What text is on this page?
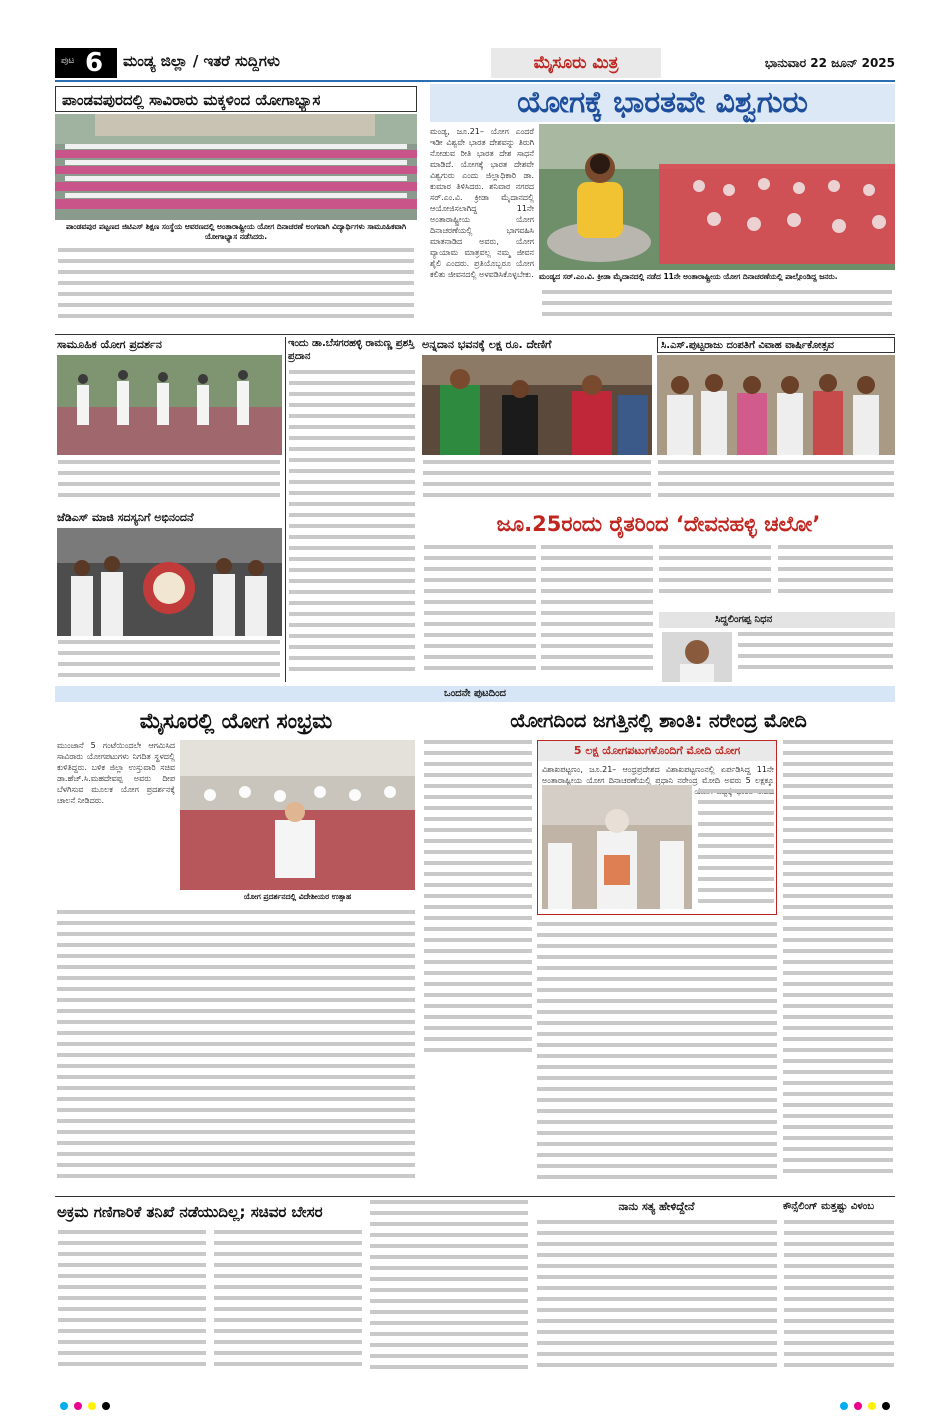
ಪುಟ 6 ಮಂಡ್ಯ ಜಿಲ್ಲಾ / ಇತರೆ ಸುದ್ದಿಗಳು	ಮೈಸೂರು ಮಿತ್ರ	ಭಾನುವಾರ 22 ಜೂನ್ 2025
ಪಾಂಡವಪುರದಲ್ಲಿ ಸಾವಿರಾರು ಮಕ್ಕಳಿಂದ ಯೋಗಾಭ್ಯಾಸ
ಪಾಂಡವಪುರ ಪಟ್ಟಣದ ಜಿಟಿಎಸ್ ಶಿಕ್ಷಣ ಸಂಸ್ಥೆಯ ಆವರಣದಲ್ಲಿ ಅಂತಾರಾಷ್ಟ್ರೀಯ ಯೋಗ ದಿನಾಚರಣೆ ಅಂಗವಾಗಿ ವಿದ್ಯಾರ್ಥಿಗಳು ಸಾಮೂಹಿಕವಾಗಿ ಯೋಗಾಭ್ಯಾಸ ನಡೆಸಿದರು.
ಯೋಗಕ್ಕೆ ಭಾರತವೇ ವಿಶ್ವಗುರು
ಮಂಡ್ಯ, ಜೂ.21– ಯೋಗ ಎಂದರೆ ಇಡೀ ವಿಶ್ವವೇ ಭಾರತ ದೇಶವನ್ನು ತಿರುಗಿ ನೋಡುವ ರೀತಿ ಭಾರತ ದೇಶ ಸಾಧನೆ ಮಾಡಿದೆ. ಯೋಗಕ್ಕೆ ಭಾರತ ದೇಶವೇ ವಿಶ್ವಗುರು ಎಂದು ಜಿಲ್ಲಾಧಿಕಾರಿ ಡಾ. ಕುಮಾರ ತಿಳಿಸಿದರು. ಶನಿವಾರ ನಗರದ ಸರ್.ಎಂ.ವಿ. ಕ್ರೀಡಾ ಮೈದಾನದಲ್ಲಿ ಆಯೋಜಿಸಲಾಗಿದ್ದ 11ನೇ ಅಂತಾರಾಷ್ಟ್ರೀಯ ಯೋಗ ದಿನಾಚರಣೆಯಲ್ಲಿ ಭಾಗವಹಿಸಿ ಮಾತನಾಡಿದ ಅವರು, ಯೋಗ ವ್ಯಾಯಾಮ ಮಾತ್ರವಲ್ಲ ನಮ್ಮ ಜೀವನ ಶೈಲಿ ಎಂದರು. ಪ್ರತಿಯೊಬ್ಬರೂ ಯೋಗ ಕಲಿತು ಜೀವನದಲ್ಲಿ ಅಳವಡಿಸಿಕೊಳ್ಳಬೇಕು. ಮಂಡ್ಯದ ಸರ್.ಎಂ.ವಿ. ಕ್ರೀಡಾ ಮೈದಾನದಲ್ಲಿ ನಡೆದ 11ನೇ ಅಂತಾರಾಷ್ಟ್ರೀಯ ಯೋಗ ದಿನಾಚರಣೆಯಲ್ಲಿ ಪಾಲ್ಗೊಂಡಿದ್ದ ಜನರು.
ಸಾಮೂಹಿಕ ಯೋಗ ಪ್ರದರ್ಶನ	ಇಂದು ಡಾ.ಬೆಸಗರಹಳ್ಳಿ ರಾಮಣ್ಣ ಪ್ರಶಸ್ತಿ ಪ್ರದಾನ
ಅನ್ನದಾನ ಭವನಕ್ಕೆ ಲಕ್ಷ ರೂ. ದೇಣಿಗೆ	ಸಿ.ಎಸ್.ಪುಟ್ಟರಾಜು ದಂಪತಿಗೆ ವಿವಾಹ ವಾರ್ಷಿಕೋತ್ಸವ
ಜೆಡಿಎಸ್ ಮಾಜಿ ಸದಸ್ಯನಿಗೆ ಅಭಿನಂದನೆ	ಜೂ.25ರಂದು ರೈತರಿಂದ ‘ದೇವನಹಳ್ಳಿ ಚಲೋ’
ಸಿದ್ದಲಿಂಗಪ್ಪ ನಿಧನ
ಒಂದನೇ ಪುಟದಿಂದ
ಮೈಸೂರಲ್ಲಿ ಯೋಗ ಸಂಭ್ರಮ
ಮುಂಜಾನೆ 5 ಗಂಟೆಯಿಂದಲೇ ಆಗಮಿಸಿದ ಸಾವಿರಾರು ಯೋಗಪಟುಗಳು ನಿಗದಿತ ಸ್ಥಳದಲ್ಲಿ ಕುಳಿತಿದ್ದರು. ಬಳಿಕ ಜಿಲ್ಲಾ ಉಸ್ತುವಾರಿ ಸಚಿವ ಡಾ.ಹೆಚ್.ಸಿ.ಮಹದೇವಪ್ಪ ಅವರು ದೀಪ ಬೆಳಗಿಸುವ ಮೂಲಕ ಯೋಗ ಪ್ರದರ್ಶನಕ್ಕೆ ಚಾಲನೆ ನೀಡಿದರು.
ಯೋಗ ಪ್ರದರ್ಶನದಲ್ಲಿ ವಿದೇಶೀಯರ ಉತ್ಸಾಹ
ಯೋಗದಿಂದ ಜಗತ್ತಿನಲ್ಲಿ ಶಾಂತಿ: ನರೇಂದ್ರ ಮೋದಿ
5 ಲಕ್ಷ ಯೋಗಪಟುಗಳೊಂದಿಗೆ ಮೋದಿ ಯೋಗ
ವಿಶಾಖಪಟ್ಟಣಂ, ಜೂ.21– ಆಂಧ್ರಪ್ರದೇಶದ ವಿಶಾಖಪಟ್ಟಣಂನಲ್ಲಿ ಏರ್ಪಡಿಸಿದ್ದ 11ನೇ ಅಂತಾರಾಷ್ಟ್ರೀಯ ಯೋಗ ದಿನಾಚರಣೆಯಲ್ಲಿ ಪ್ರಧಾನಿ ನರೇಂದ್ರ ಮೋದಿ ಅವರು 5 ಲಕ್ಷಕ್ಕೂ
ಅಕ್ರಮ ಗಣಿಗಾರಿಕೆ ತನಿಖೆ ನಡೆಯುದಿಲ್ಲ; ಸಚಿವರ ಬೇಸರ	ನಾನು ಸತ್ಯ ಹೇಳಿದ್ದೇನೆ	ಕೌನ್ಸೆಲಿಂಗ್ ಮತ್ತಷ್ಟು ವಿಳಂಬ
